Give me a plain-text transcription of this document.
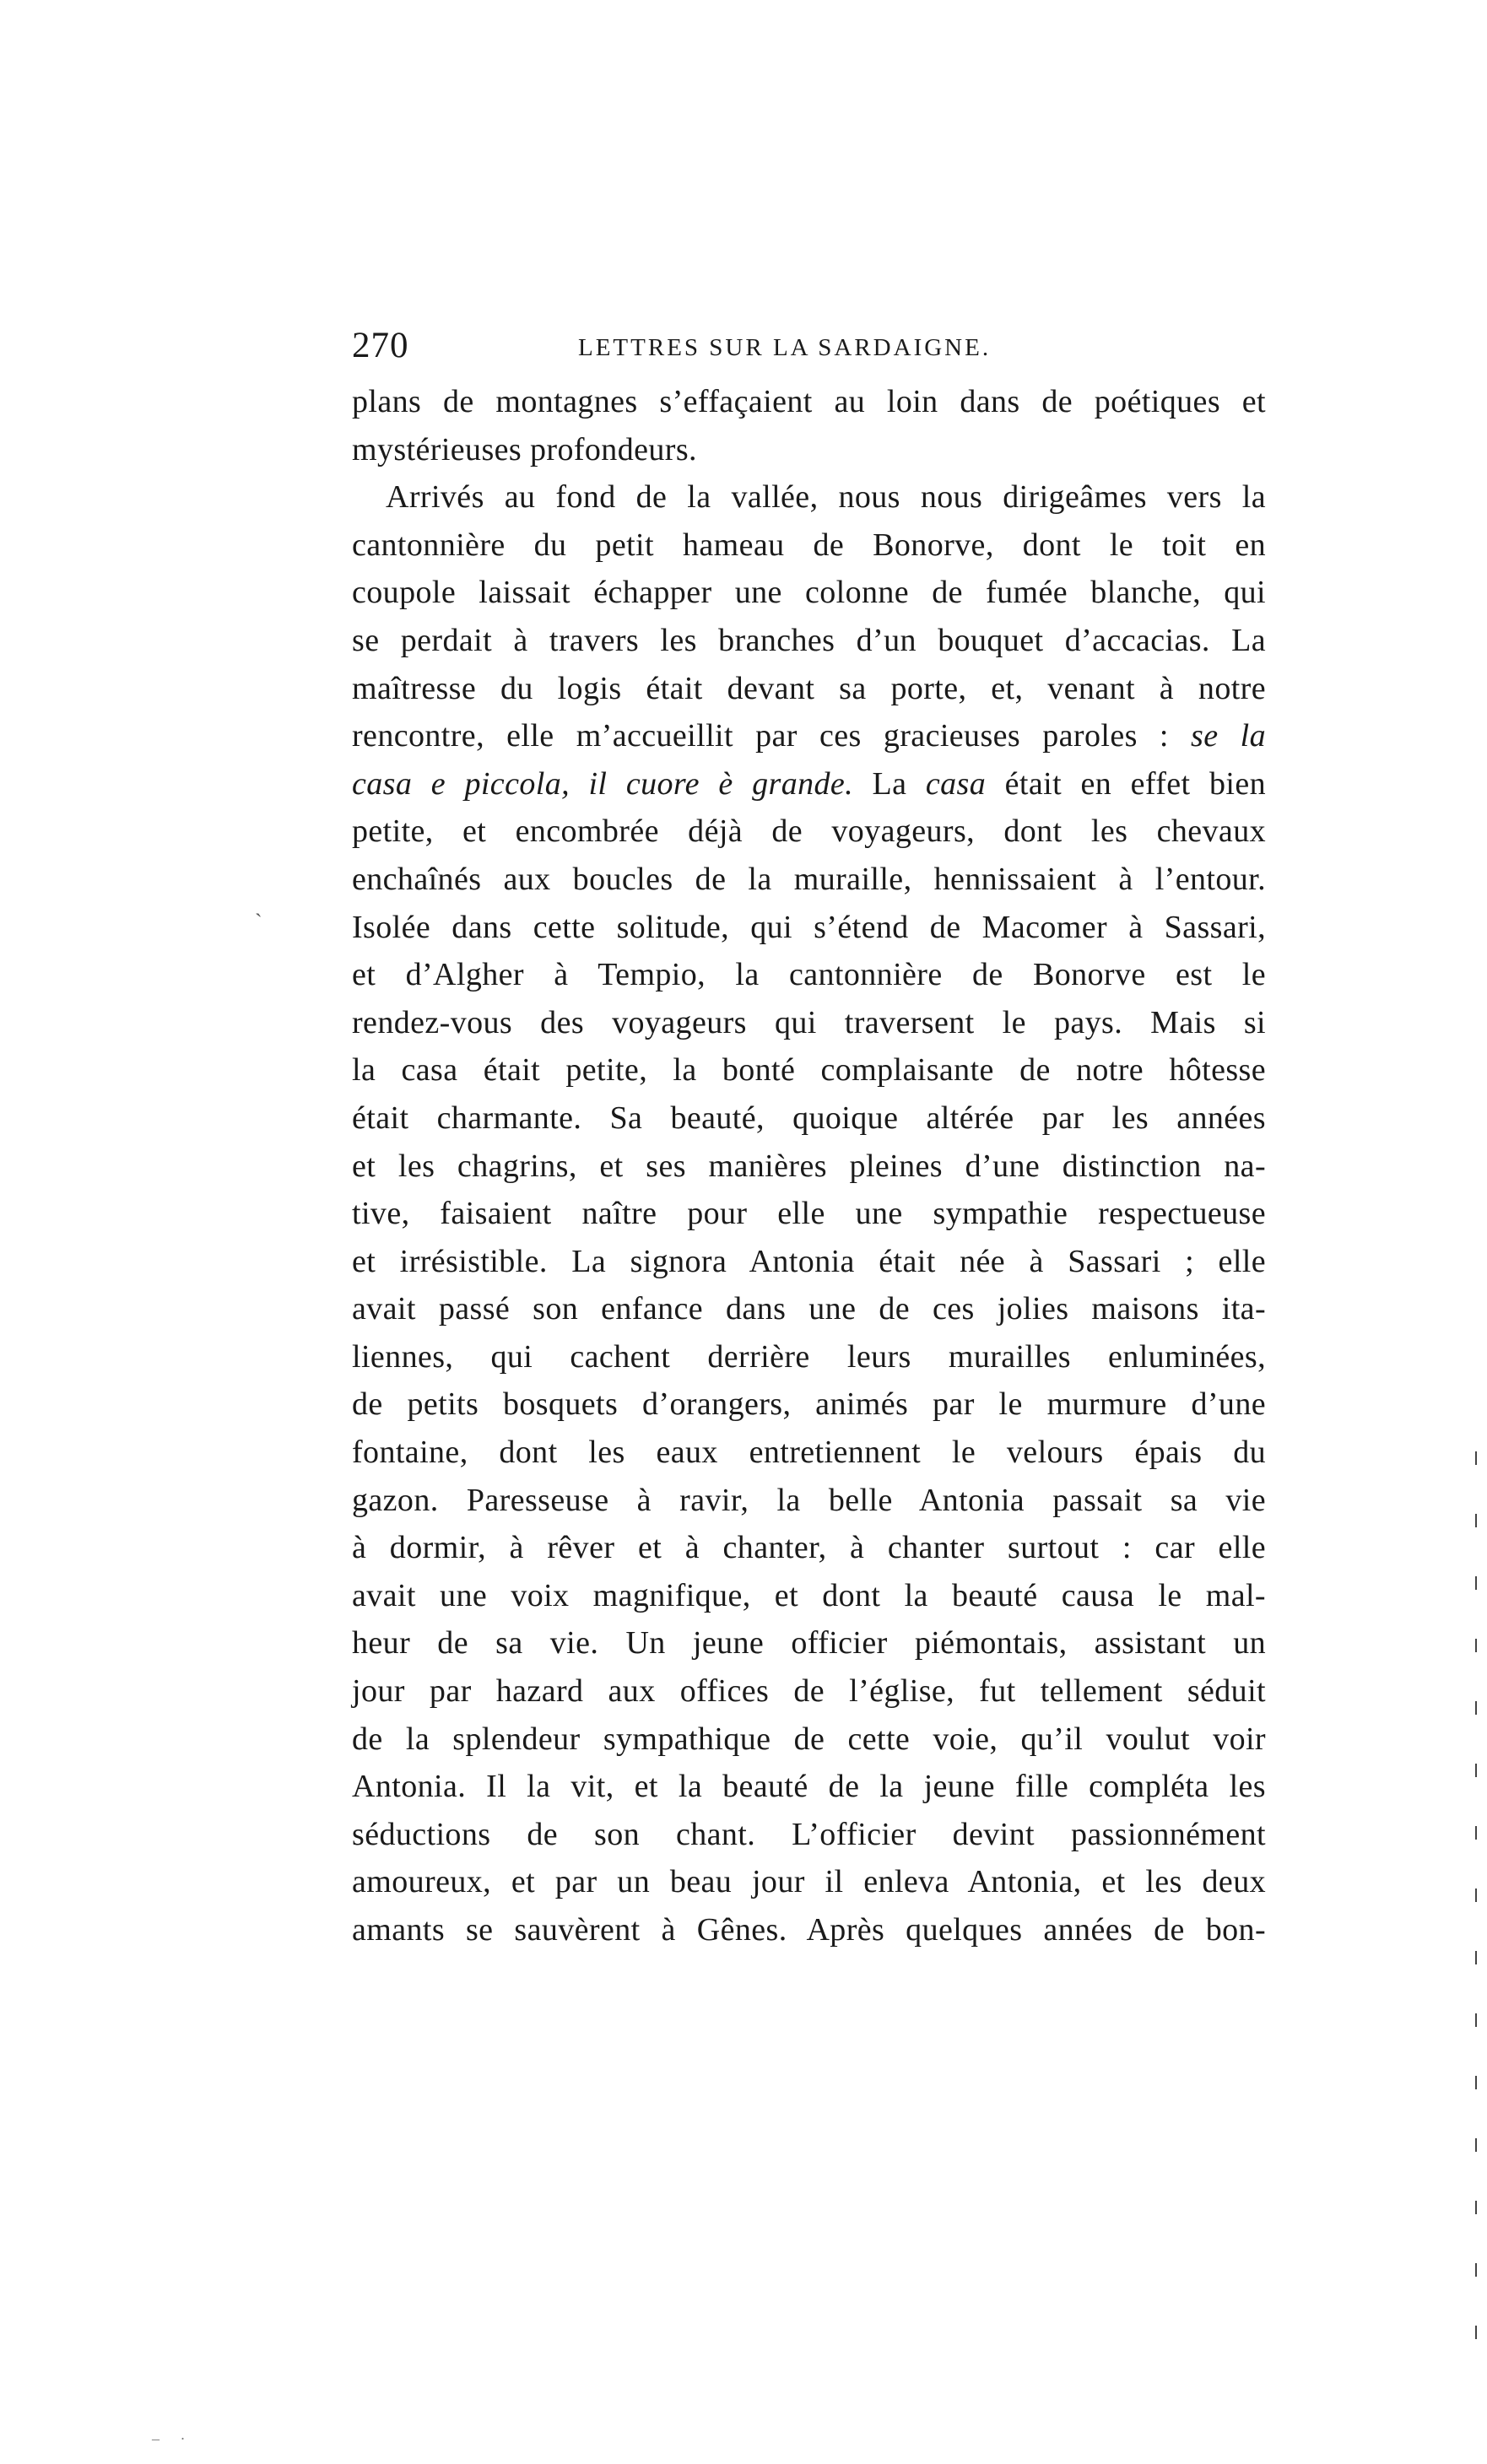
270	LETTRES SUR LA SARDAIGNE.
ˏ
plans de montagnes s’effaçaient au loin dans de poétiques et
mystérieuses profondeurs.
Arrivés au fond de la vallée, nous nous dirigeâmes vers la
cantonnière du petit hameau de Bonorve, dont le toit en
coupole laissait échapper une colonne de fumée blanche, qui
se perdait à travers les branches d’un bouquet d’accacias. La
maîtresse du logis était devant sa porte, et, venant à notre
rencontre, elle m’accueillit par ces gracieuses paroles : se la
casa e piccola, il cuore è grande. La casa était en effet bien
petite, et encombrée déjà de voyageurs, dont les chevaux
enchaînés aux boucles de la muraille, hennissaient à l’entour.
Isolée dans cette solitude, qui s’étend de Macomer à Sassari,
et d’Algher à Tempio, la cantonnière de Bonorve est le
rendez-vous des voyageurs qui traversent le pays. Mais si
la casa était petite, la bonté complaisante de notre hôtesse
était charmante. Sa beauté, quoique altérée par les années
et les chagrins, et ses manières pleines d’une distinction na-
tive, faisaient naître pour elle une sympathie respectueuse
et irrésistible. La signora Antonia était née à Sassari ; elle
avait passé son enfance dans une de ces jolies maisons ita-
liennes, qui cachent derrière leurs murailles enluminées,
de petits bosquets d’orangers, animés par le murmure d’une
fontaine, dont les eaux entretiennent le velours épais du
gazon. Paresseuse à ravir, la belle Antonia passait sa vie
à dormir, à rêver et à chanter, à chanter surtout : car elle
avait une voix magnifique, et dont la beauté causa le mal-
heur de sa vie. Un jeune officier piémontais, assistant un
jour par hazard aux offices de l’église, fut tellement séduit
de la splendeur sympathique de cette voie, qu’il voulut voir
Antonia. Il la vit, et la beauté de la jeune fille compléta les
séductions de son chant. L’officier devint passionnément
amoureux, et par un beau jour il enleva Antonia, et les deux
amants se sauvèrent à Gênes. Après quelques années de bon-
– ·
